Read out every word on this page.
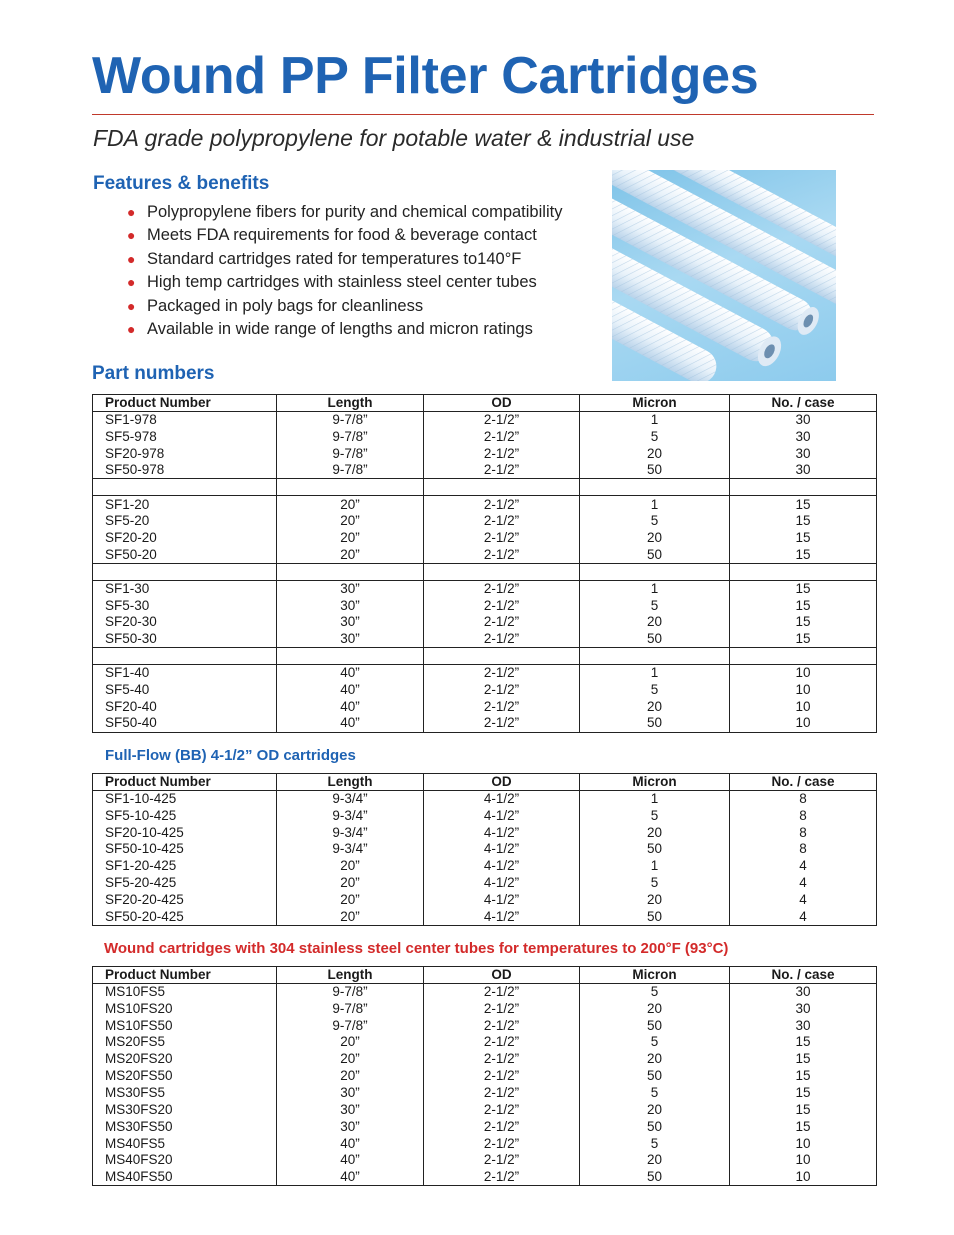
Wound PP Filter Cartridges
FDA grade polypropylene for potable water & industrial use
Features & benefits
● Polypropylene fibers for purity and chemical compatibility
● Meets FDA requirements for food & beverage contact
● Standard cartridges rated for temperatures to140°F
● High temp cartridges with stainless steel center tubes
● Packaged in poly bags for cleanliness
● Available in wide range of lengths and micron ratings
Part numbers
Product Number	Length	OD	Micron	No. / case
SF1-978	9-7/8”	2-1/2”	1	30
SF5-978	9-7/8”	2-1/2”	5	30
SF20-978	9-7/8”	2-1/2”	20	30
SF50-978	9-7/8”	2-1/2”	50	30

SF1-20	20”	2-1/2”	1	15
SF5-20	20”	2-1/2”	5	15
SF20-20	20”	2-1/2”	20	15
SF50-20	20”	2-1/2”	50	15

SF1-30	30”	2-1/2”	1	15
SF5-30	30”	2-1/2”	5	15
SF20-30	30”	2-1/2”	20	15
SF50-30	30”	2-1/2”	50	15

SF1-40	40”	2-1/2”	1	10
SF5-40	40”	2-1/2”	5	10
SF20-40	40”	2-1/2”	20	10
SF50-40	40”	2-1/2”	50	10
Full-Flow (BB) 4-1/2” OD cartridges
Product Number	Length	OD	Micron	No. / case
SF1-10-425	9-3/4”	4-1/2”	1	8
SF5-10-425	9-3/4”	4-1/2”	5	8
SF20-10-425	9-3/4”	4-1/2”	20	8
SF50-10-425	9-3/4”	4-1/2”	50	8
SF1-20-425	20”	4-1/2”	1	4
SF5-20-425	20”	4-1/2”	5	4
SF20-20-425	20”	4-1/2”	20	4
SF50-20-425	20”	4-1/2”	50	4
Wound cartridges with 304 stainless steel center tubes for temperatures to 200°F (93°C)
Product Number	Length	OD	Micron	No. / case
MS10FS5	9-7/8”	2-1/2”	5	30
MS10FS20	9-7/8”	2-1/2”	20	30
MS10FS50	9-7/8”	2-1/2”	50	30
MS20FS5	20”	2-1/2”	5	15
MS20FS20	20”	2-1/2”	20	15
MS20FS50	20”	2-1/2”	50	15
MS30FS5	30”	2-1/2”	5	15
MS30FS20	30”	2-1/2”	20	15
MS30FS50	30”	2-1/2”	50	15
MS40FS5	40”	2-1/2”	5	10
MS40FS20	40”	2-1/2”	20	10
MS40FS50	40”	2-1/2”	50	10
